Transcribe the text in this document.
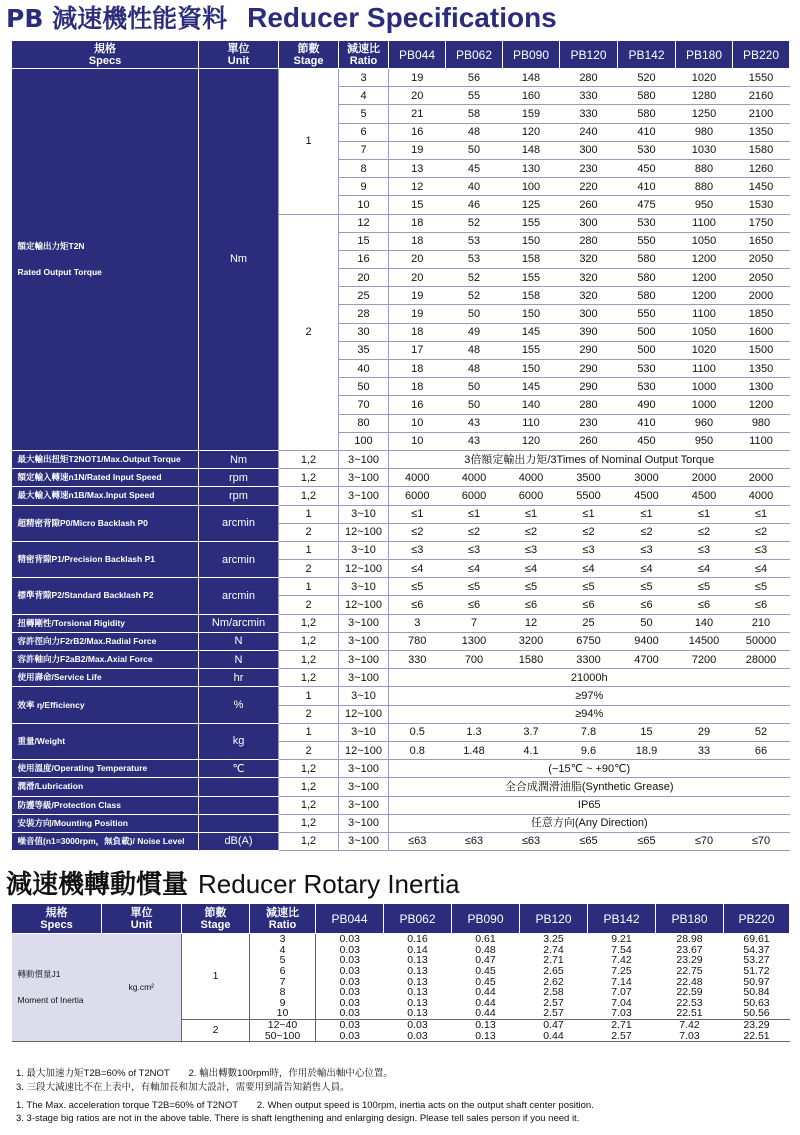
PB 減速機性能資料 Reducer Specifications
規格
Specs	單位
Unit	節數
Stage	減速比
Ratio	PB044	PB062	PB090	PB120	PB142	PB180	PB220

額定輸出力矩T2N

Rated Output Torque	Nm	1	3	19	56	148	280	520	1020	1550
			4	20	55	160	330	580	1280	2160
			5	21	58	159	330	580	1250	2100
			6	16	48	120	240	410	980	1350
			7	19	50	148	300	530	1030	1580
			8	13	45	130	230	450	880	1260
			9	12	40	100	220	410	880	1450
			10	15	46	125	260	475	950	1530
		2	12	18	52	155	300	530	1100	1750
			15	18	53	150	280	550	1050	1650
			16	20	53	158	320	580	1200	2050
			20	20	52	155	320	580	1200	2050
			25	19	52	158	320	580	1200	2000
			28	19	50	150	300	550	1100	1850
			30	18	49	145	390	500	1050	1600
			35	17	48	155	290	500	1020	1500
			40	18	48	150	290	530	1100	1350
			50	18	50	145	290	530	1000	1300
			70	16	50	140	280	490	1000	1200
			80	10	43	110	230	410	960	980
			100	10	43	120	260	450	950	1100
最大輸出扭矩T2NOT1/Max.Output Torque	Nm	1,2	3~100	3倍額定輸出力矩/3Times of Nominal Output Torque						
額定輸入轉速n1N/Rated Input Speed	rpm	1,2	3~100	4000	4000	4000	3500	3000	2000	2000
最大輸入轉速n1B/Max.Input Speed	rpm	1,2	3~100	6000	6000	6000	5500	4500	4500	4000
超精密背隙P0/Micro Backlash P0	arcmin	1	3~10	≤1	≤1	≤1	≤1	≤1	≤1	≤1
		2	12~100	≤2	≤2	≤2	≤2	≤2	≤2	≤2
精密背隙P1/Precision Backlash P1	arcmin	1	3~10	≤3	≤3	≤3	≤3	≤3	≤3	≤3
		2	12~100	≤4	≤4	≤4	≤4	≤4	≤4	≤4
標準背隙P2/Standard Backlash P2	arcmin	1	3~10	≤5	≤5	≤5	≤5	≤5	≤5	≤5
		2	12~100	≤6	≤6	≤6	≤6	≤6	≤6	≤6
扭轉剛性/Torsional Rigidity	Nm/arcmin	1,2	3~100	3	7	12	25	50	140	210
容許徑向力F2rB2/Max.Radial Force	N	1,2	3~100	780	1300	3200	6750	9400	14500	50000
容許軸向力F2aB2/Max.Axial Force	N	1,2	3~100	330	700	1580	3300	4700	7200	28000
使用壽命/Service Life	hr	1,2	3~100	21000h						
效率 η/Efficiency	%	1	3~10	≥97%						
		2	12~100	≥94%						
重量/Weight	kg	1	3~10	0.5	1.3	3.7	7.8	15	29	52
		2	12~100	0.8	1.48	4.1	9.6	18.9	33	66
使用溫度/Operating Temperature	℃	1,2	3~100	(−15℃ ~ +90℃)						
潤滑/Lubrication		1,2	3~100	全合成潤滑油脂(Synthetic Grease)						
防護等級/Protection Class		1,2	3~100	IP65						
安裝方向/Mounting Position		1,2	3~100	任意方向(Any Direction)						
噪音值(n1=3000rpm，無負載)/ Noise Level	dB(A)	1,2	3~100	≤63	≤63	≤63	≤65	≤65	≤70	≤70
減速機轉動慣量 Reducer Rotary Inertia
規格
Specs	單位
Unit	節數
Stage	減速比
Ratio	PB044	PB062	PB090	PB120	PB142	PB180	PB220

轉動慣量J1

Moment of Inertia	kg.cm²	1	3	0.03	0.16	0.61	3.25	9.21	28.98	69.61
			4	0.03	0.14	0.48	2.74	7.54	23.67	54.37
			5	0.03	0.13	0.47	2.71	7.42	23.29	53.27
			6	0.03	0.13	0.45	2.65	7.25	22.75	51.72
			7	0.03	0.13	0.45	2.62	7.14	22.48	50.97
			8	0.03	0.13	0.44	2.58	7.07	22.59	50.84
			9	0.03	0.13	0.44	2.57	7.04	22.53	50.63
			10	0.03	0.13	0.44	2.57	7.03	22.51	50.56
		2	12~40	0.03	0.03	0.13	0.47	2.71	7.42	23.29
			50~100	0.03	0.03	0.13	0.44	2.57	7.03	22.51
1. 最大加速力矩T2B=60% of T2NOT　　2. 輸出轉數100rpm時，作用於輸出軸中心位置。
3. 三段大減速比不在上表中，有軸加長和加大設計，需要用到請告知銷售人員。
1. The Max. acceleration torque T2B=60% of T2NOT　　2. When output speed is 100rpm, inertia acts on the output shaft center position.
3. 3-stage big ratios are not in the above table. There is shaft lengthening and enlarging design. Please tell sales person if you need it.
